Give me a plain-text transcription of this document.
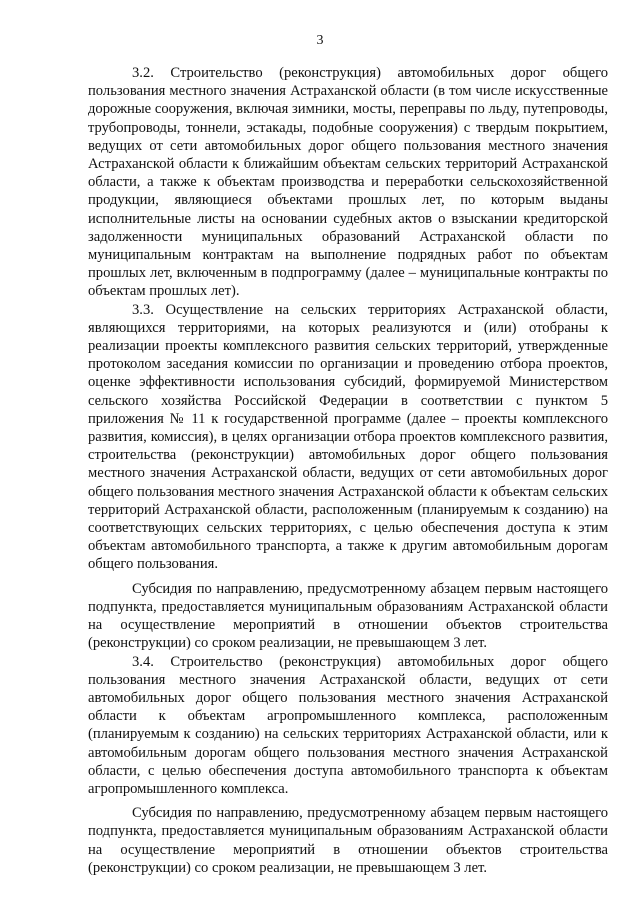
3

3.2. Строительство (реконструкция) автомобильных дорог общего пользования местного значения Астраханской области (в том числе искусственные дорожные сооружения, включая зимники, мосты, переправы по льду, путепроводы, трубопроводы, тоннели, эстакады, подобные сооружения) с твердым покрытием, ведущих от сети автомобильных дорог общего пользования местного значения Астраханской области к ближайшим объектам сельских территорий Астраханской области, а также к объектам производства и переработки сельскохозяйственной продукции, являющиеся объектами прошлых лет, по которым выданы исполнительные листы на основании судебных актов о взыскании кредиторской задолженности муниципальных образований Астраханской области по муниципальным контрактам на выполнение подрядных работ по объектам прошлых лет, включенным в подпрограмму (далее – муниципальные контракты по объектам прошлых лет).

3.3. Осуществление на сельских территориях Астраханской области, являющихся территориями, на которых реализуются и (или) отобраны к реализации проекты комплексного развития сельских территорий, утвержденные протоколом заседания комиссии по организации и проведению отбора проектов, оценке эффективности использования субсидий, формируемой Министерством сельского хозяйства Российской Федерации в соответствии с пунктом 5 приложения № 11 к государственной программе (далее – проекты комплексного развития, комиссия), в целях организации отбора проектов комплексного развития, строительства (реконструкции) автомобильных дорог общего пользования местного значения Астраханской области, ведущих от сети автомобильных дорог общего пользования местного значения Астраханской области к объектам сельских территорий Астраханской области, расположенным (планируемым к созданию) на соответствующих сельских территориях, с целью обеспечения доступа к этим объектам автомобильного транспорта, а также к другим автомобильным дорогам общего пользования.

Субсидия по направлению, предусмотренному абзацем первым настоящего подпункта, предоставляется муниципальным образованиям Астраханской области на осуществление мероприятий в отношении объектов строительства (реконструкции) со сроком реализации, не превышающем 3 лет.

3.4. Строительство (реконструкция) автомобильных дорог общего пользования местного значения Астраханской области, ведущих от сети автомобильных дорог общего пользования местного значения Астраханской области к объектам агропромышленного комплекса, расположенным (планируемым к созданию) на сельских территориях Астраханской области, или к автомобильным дорогам общего пользования местного значения Астраханской области, с целью обеспечения доступа автомобильного транспорта к объектам агропромышленного комплекса.

Субсидия по направлению, предусмотренному абзацем первым настоящего подпункта, предоставляется муниципальным образованиям Астраханской области на осуществление мероприятий в отношении объектов строительства (реконструкции) со сроком реализации, не превышающем 3 лет.
